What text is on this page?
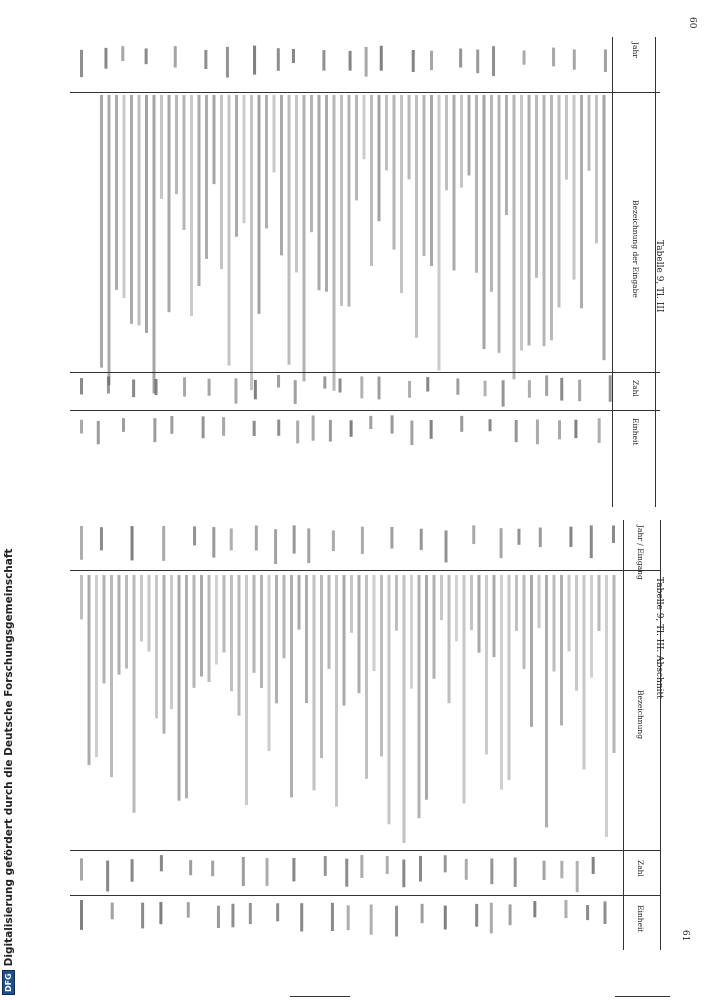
60
61
Tabelle 9, Tl. III
Tabelle 9, Tl. III. Abschnitt
Jahr
Bezeichnung der Eingabe
Zahl
Einheit
Jahr / Eingang
Bezeichnung
Zahl
Einheit
DFG
Digitalisierung gefördert durch die Deutsche Forschungsgemeinschaft
